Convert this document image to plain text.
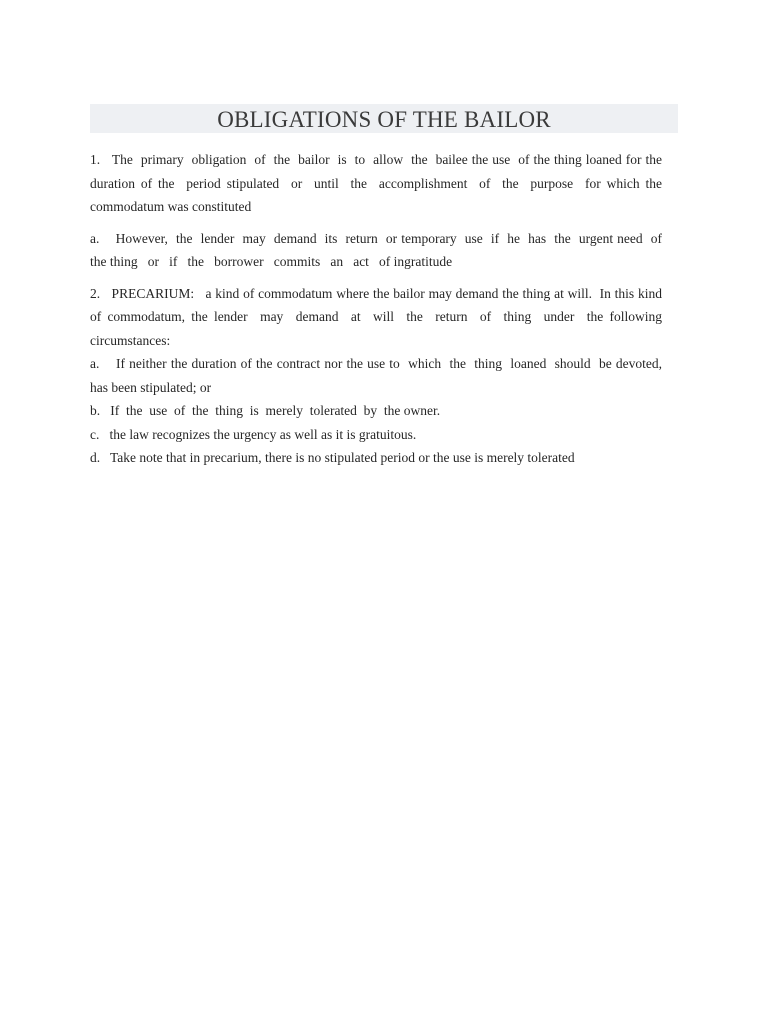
OBLIGATIONS OF THE BAILOR

1.   The  primary  obligation  of  the  bailor  is  to  allow  the  bailee the use  of the thing loaned for the duration of the  period stipulated  or  until  the  accomplishment  of  the  purpose  for which the commodatum was constituted

a.    However,  the  lender  may  demand  its  return  or temporary  use  if  he  has  the  urgent need  of  the thing   or   if   the   borrower   commits   an   act   of ingratitude

2.   PRECARIUM:   a kind of commodatum where the bailor may demand the thing at will.  In this kind of commodatum, the lender  may  demand  at  will  the  return  of  thing  under  the following circumstances:

a.    If neither the duration of the contract nor the use to  which  the  thing  loaned  should  be devoted,  has been stipulated; or

b.   If  the  use  of  the  thing  is  merely  tolerated  by  the owner.

c.   the law recognizes the urgency as well as it is gratuitous.

d.   Take note that in precarium, there is no stipulated period or the use is merely tolerated
